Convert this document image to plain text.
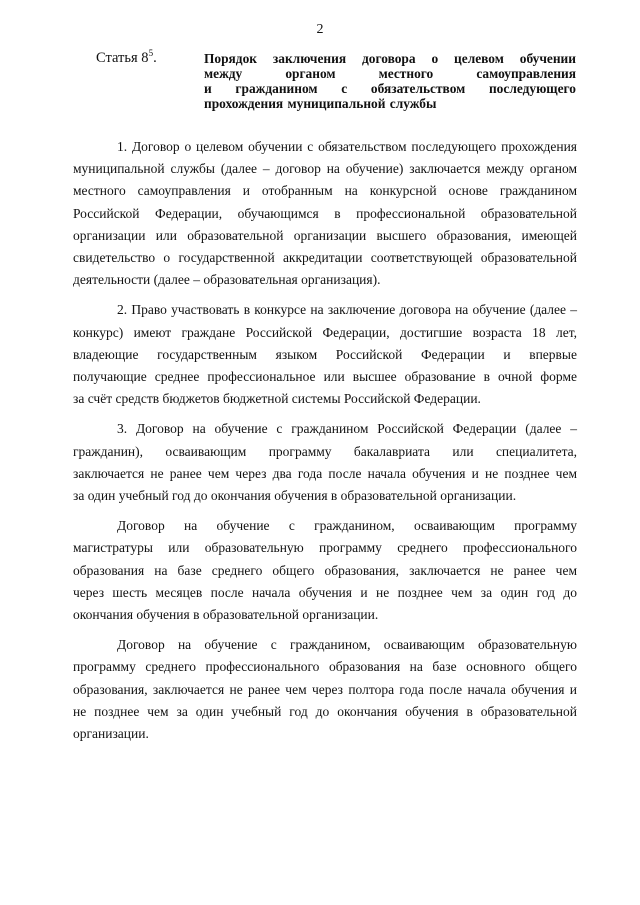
2
Статья $8^5$.	Порядок заключения договора о целевом обучении
между органом местного самоуправления
и гражданином с обязательством последующего
прохождения муниципальной службы

1. Договор о целевом обучении с обязательством последующего прохождения
муниципальной службы (далее – договор на обучение) заключается между органом
местного самоуправления и отобранным на конкурсной основе гражданином
Российской Федерации, обучающимся в профессиональной образовательной
организации или образовательной организации высшего образования, имеющей
свидетельство о государственной аккредитации соответствующей образовательной
деятельности (далее – образовательная организация).

2. Право участвовать в конкурсе на заключение договора на обучение (далее –
конкурс) имеют граждане Российской Федерации, достигшие возраста 18 лет,
владеющие государственным языком Российской Федерации и впервые
получающие среднее профессиональное или высшее образование в очной форме
за счёт средств бюджетов бюджетной системы Российской Федерации.

3. Договор на обучение с гражданином Российской Федерации (далее –
гражданин), осваивающим программу бакалавриата или специалитета,
заключается не ранее чем через два года после начала обучения и не позднее чем
за один учебный год до окончания обучения в образовательной организации.

Договор на обучение с гражданином, осваивающим программу
магистратуры или образовательную программу среднего профессионального
образования на базе среднего общего образования, заключается не ранее чем
через шесть месяцев после начала обучения и не позднее чем за один год до
окончания обучения в образовательной организации.

Договор на обучение с гражданином, осваивающим образовательную
программу среднего профессионального образования на базе основного общего
образования, заключается не ранее чем через полтора года после начала обучения и
не позднее чем за один учебный год до окончания обучения в образовательной
организации.
